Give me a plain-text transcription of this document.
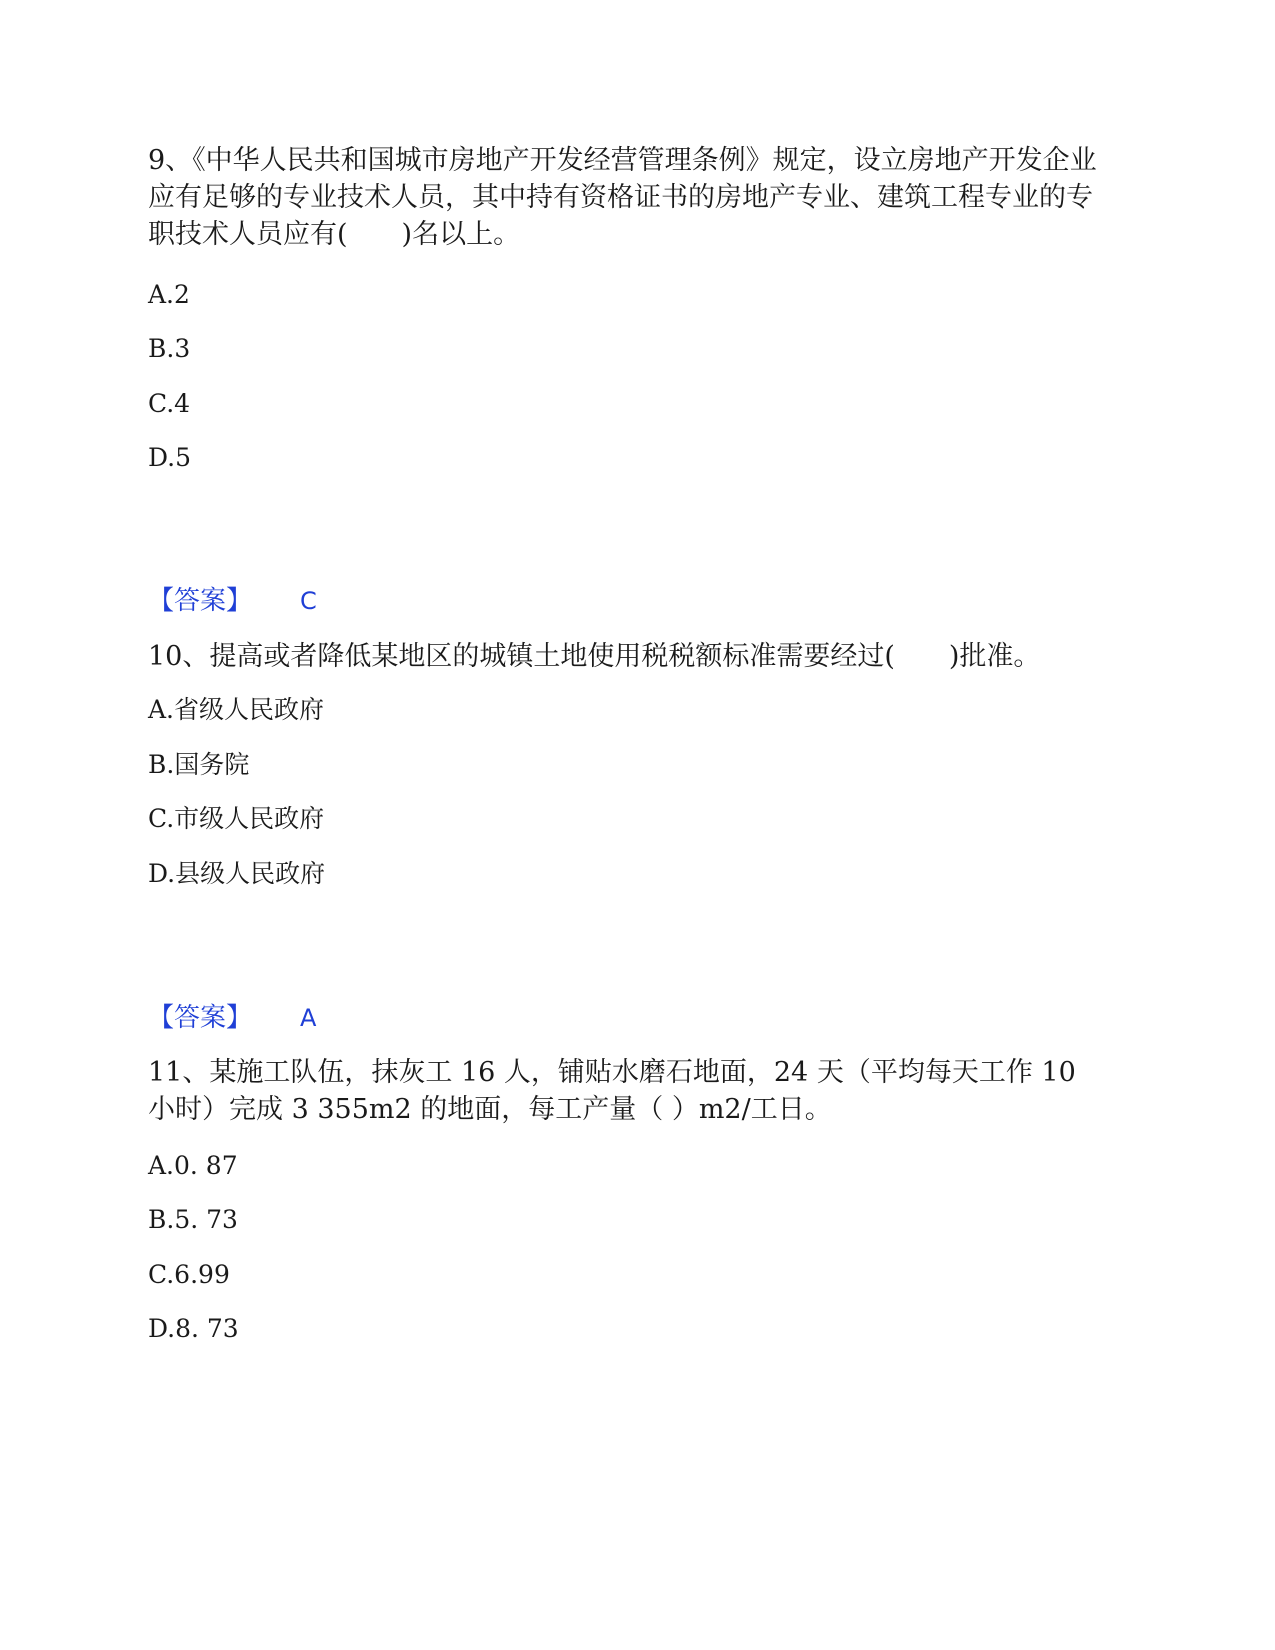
9、《中华人民共和国城市房地产开发经营管理条例》规定，设立房地产开发企业应有足够的专业技术人员，其中持有资格证书的房地产专业、建筑工程专业的专职技术人员应有(　　)名以上。

A.2

B.3

C.4

D.5

【答案】 C

10、提高或者降低某地区的城镇土地使用税税额标准需要经过(　　)批准。

A.省级人民政府

B.国务院

C.市级人民政府

D.县级人民政府

【答案】 A

11、某施工队伍，抹灰工 16 人，铺贴水磨石地面，24 天（平均每天工作 10 小时）完成 3 355m2 的地面，每工产量（ ）m2/工日。

A.0. 87

B.5. 73

C.6.99

D.8. 73
